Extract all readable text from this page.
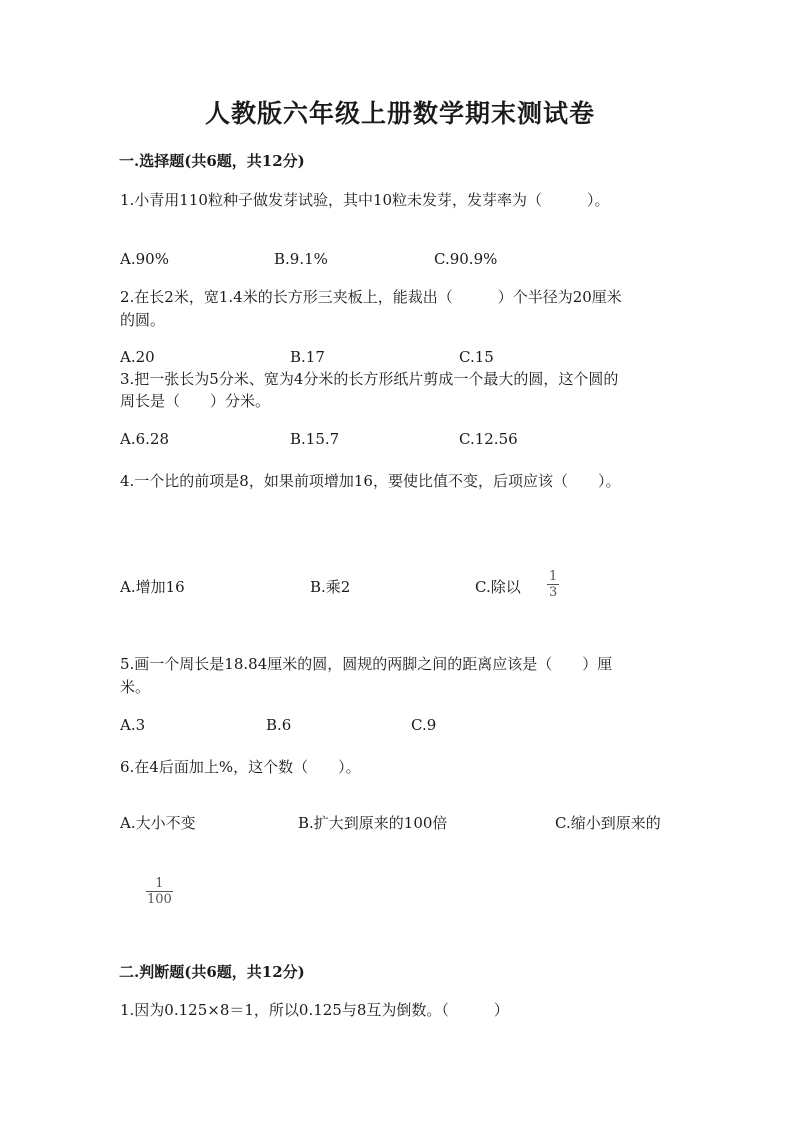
人教版六年级上册数学期末测试卷
一.选择题(共6题，共12分)
1.小青用110粒种子做发芽试验，其中10粒未发芽，发芽率为（　　　）。
A.90%	B.9.1%	C.90.9%
2.在长2米，宽1.4米的长方形三夹板上，能裁出（　　　）个半径为20厘米
的圆。
A.20	B.17	C.15
3.把一张长为5分米、宽为4分米的长方形纸片剪成一个最大的圆，这个圆的
周长是（　　）分米。
A.6.28	B.15.7	C.12.56
4.一个比的前项是8，如果前项增加16，要使比值不变，后项应该（　　）。
A.增加16	B.乘2	C.除以
1
3
5.画一个周长是18.84厘米的圆，圆规的两脚之间的距离应该是（　　）厘
米。
A.3	B.6	C.9
6.在4后面加上%，这个数（　　）。
A.大小不变	B.扩大到原来的100倍	C.缩小到原来的
1
100
二.判断题(共6题，共12分)
1.因为0.125×8＝1，所以0.125与8互为倒数。（　　　）
